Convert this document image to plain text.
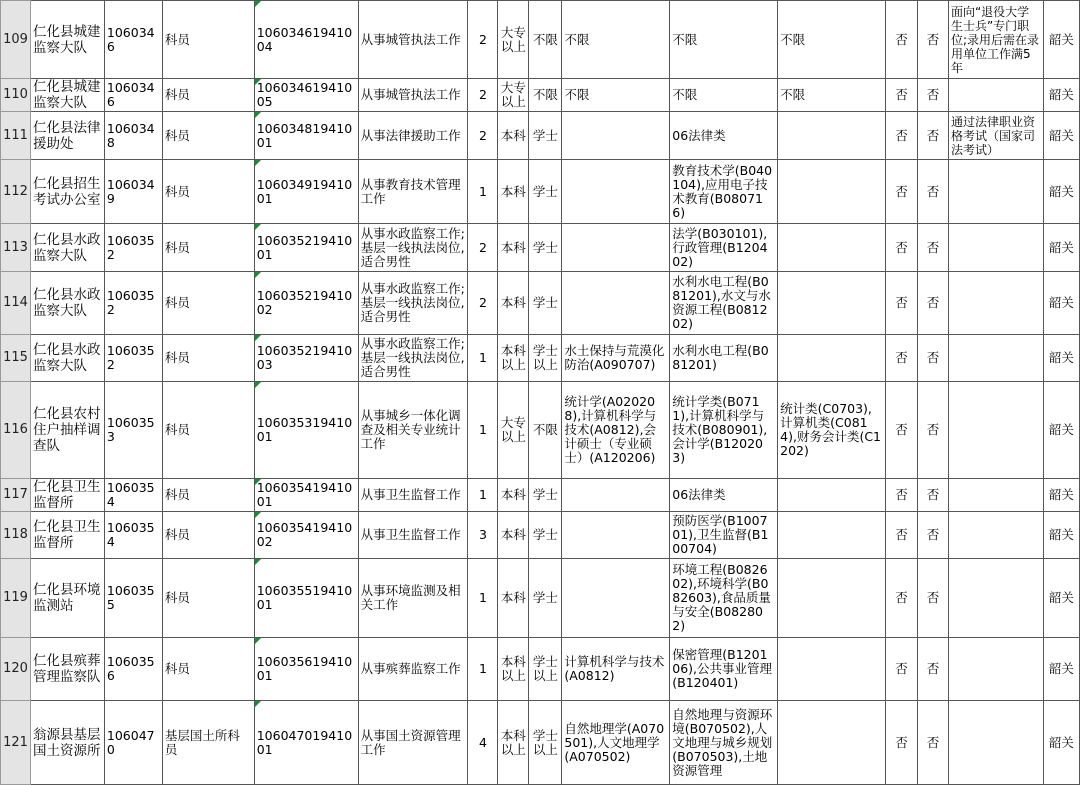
109	仁化县城建监察大队	1060346	科员	10603461941004	从事城管执法工作	2	大专以上	不限	不限	不限	不限	否	否	面向“退役大学生士兵”专门职位;录用后需在录用单位工作满5年	韶关
110	仁化县城建监察大队	1060346	科员	10603461941005	从事城管执法工作	2	大专以上	不限	不限	不限	不限	否	否		韶关
111	仁化县法律援助处	1060348	科员	10603481941001	从事法律援助工作	2	本科	学士		06法律类		否	否	通过法律职业资格考试（国家司法考试）	韶关
112	仁化县招生考试办公室	1060349	科员	10603491941001	从事教育技术管理工作	1	本科	学士		教育技术学(B040104),应用电子技术教育(B080716)		否	否		韶关
113	仁化县水政监察大队	1060352	科员	10603521941001	从事水政监察工作;基层一线执法岗位,适合男性	2	本科	学士		法学(B030101),行政管理(B120402)		否	否		韶关
114	仁化县水政监察大队	1060352	科员	10603521941002	从事水政监察工作;基层一线执法岗位,适合男性	2	本科	学士		水利水电工程(B081201),水文与水资源工程(B081202)		否	否		韶关
115	仁化县水政监察大队	1060352	科员	10603521941003	从事水政监察工作;基层一线执法岗位,适合男性	1	本科以上	学士以上	水土保持与荒漠化防治(A090707)	水利水电工程(B081201)		否	否		韶关
116	仁化县农村住户抽样调查队	1060353	科员	10603531941001	从事城乡一体化调查及相关专业统计工作	1	大专以上	不限	统计学(A020208),计算机科学与技术(A0812),会计硕士（专业硕士）(A120206)	统计学类(B0711),计算机科学与技术(B080901),会计学(B120203)	统计类(C0703),计算机类(C0814),财务会计类(C1202)	否	否		韶关
117	仁化县卫生监督所	1060354	科员	10603541941001	从事卫生监督工作	1	本科	学士		06法律类		否	否		韶关
118	仁化县卫生监督所	1060354	科员	10603541941002	从事卫生监督工作	3	本科	学士		预防医学(B100701),卫生监督(B100704)		否	否		韶关
119	仁化县环境监测站	1060355	科员	10603551941001	从事环境监测及相关工作	1	本科	学士		环境工程(B082602),环境科学(B082603),食品质量与安全(B082802)		否	否		韶关
120	仁化县殡葬管理监察队	1060356	科员	10603561941001	从事殡葬监察工作	1	本科以上	学士以上	计算机科学与技术(A0812)	保密管理(B120106),公共事业管理(B120401)		否	否		韶关
121	翁源县基层国土资源所	1060470	基层国土所科员	10604701941001	从事国土资源管理工作	4	本科以上	学士以上	自然地理学(A070501),人文地理学(A070502)	自然地理与资源环境(B070502),人文地理与城乡规划(B070503),土地资源管理		否	否		韶关
